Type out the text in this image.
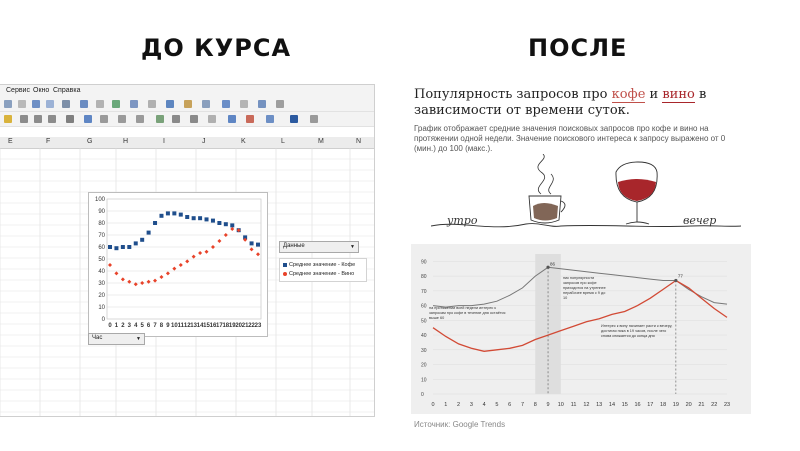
ДО КУРСА	ПОСЛЕ
Сервис Окно Справка
E	F	G	H	I	J	K	L	M	N
0
10
20
30
40
50
60
70
80
90
100
0 1 2 3 4 5 6 7 8 9 10 11 12 13 14 15 16 17 18 19 20 21 22 23
Данные	▼
Час	▼
Среднее значение - Кофе
Среднее значение - Вино
Популярность запросов про кофе и вино в зависимости от времени суток.
График отображает средние значения поисковых запросов про кофе и вино на протяжении одной недели. Значение поискового интереса к запросу выражено от 0 (мин.) до 100 (макс.).
утро	вечер
0
10
20
30
40
50
60
70
80
90
0 1 2 3 4 5 6 7 8 9 10 11 12 13 14 15 16 17 18 19 20 21 22 23
86
77
на протяжении всей недели интерес к запросам про кофе в течение дня остаётся выше 60
пик популярности запросов про кофе приходится на утреннее нерабочее время с 9 до 10
Интерес к вину начинает расти к вечеру, достигая пика в 19 часов, после чего снова снижается до конца дня
Источник: Google Trends
